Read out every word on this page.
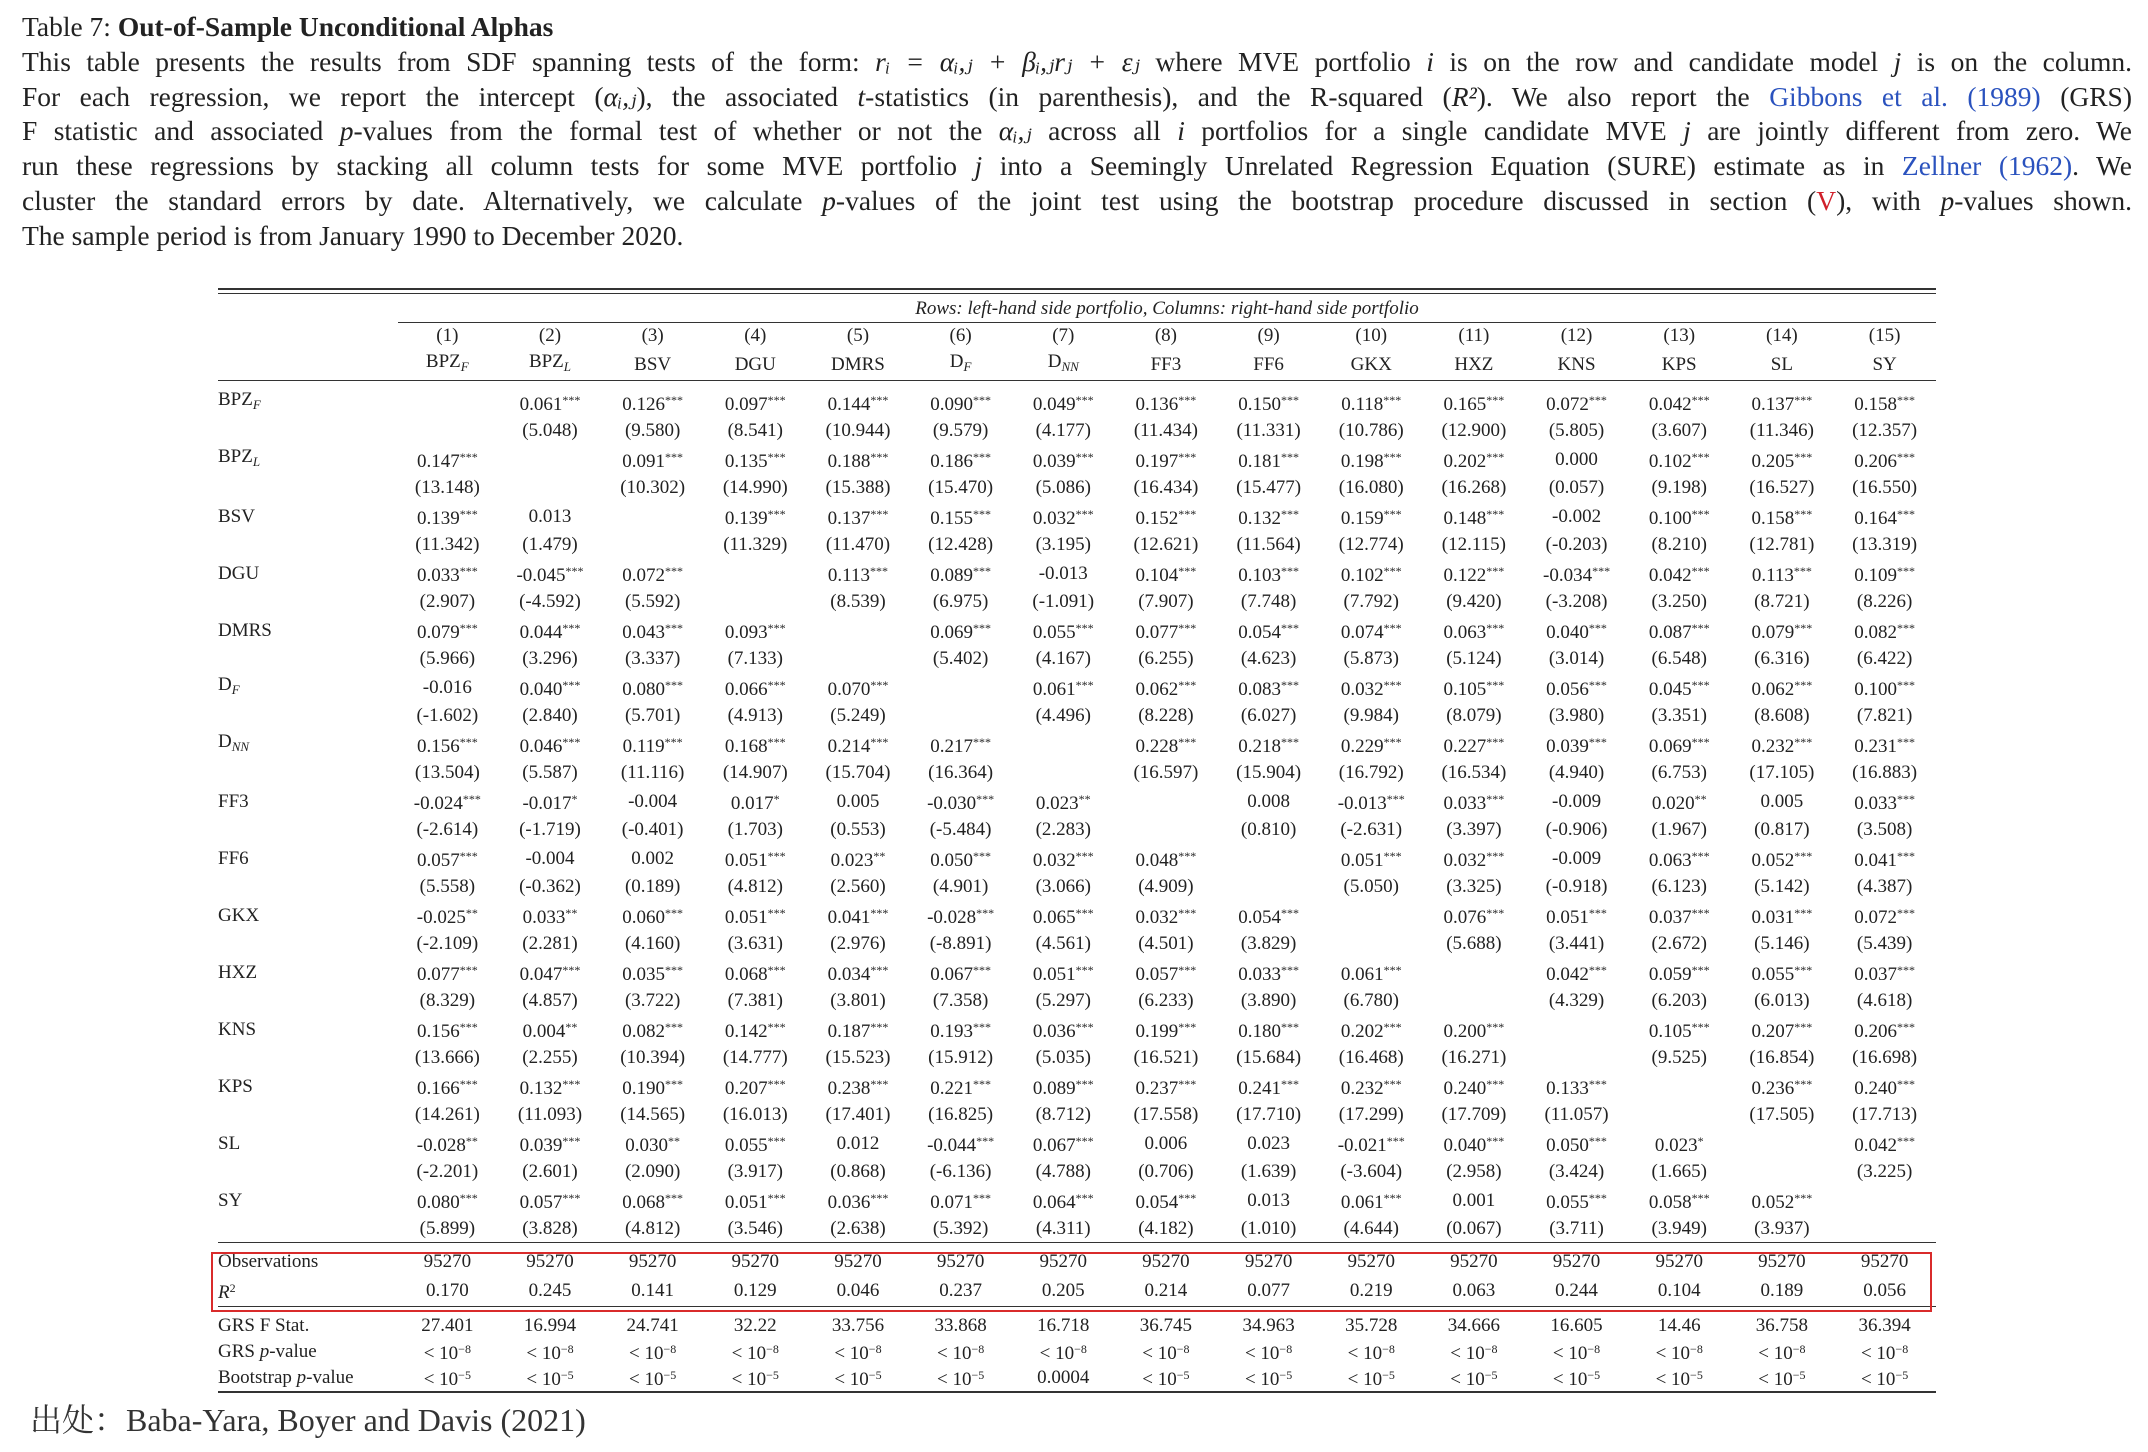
Table 7: Out-of-Sample Unconditional Alphas
This table presents the results from SDF spanning tests of the form: rᵢ = αᵢ,ⱼ + βᵢ,ⱼrⱼ + εⱼ where MVE portfolio i is on the row and candidate model j is on the column.
For each regression, we report the intercept (αᵢ,ⱼ), the associated t-statistics (in parenthesis), and the R-squared (R²). We also report the Gibbons et al. (1989) (GRS)
F statistic and associated p-values from the formal test of whether or not the αᵢ,ⱼ across all i portfolios for a single candidate MVE j are jointly different from zero. We
run these regressions by stacking all column tests for some MVE portfolio j into a Seemingly Unrelated Regression Equation (SURE) estimate as in Zellner (1962). We
cluster the standard errors by date. Alternatively, we calculate p-values of the joint test using the bootstrap procedure discussed in section (V), with p-values shown.
The sample period is from January 1990 to December 2020.
Rows: left-hand side portfolio, Columns: right-hand side portfolio
	(1)	(2)	(3)	(4)	(5)	(6)	(7)	(8)	(9)	(10)	(11)	(12)	(13)	(14)	(15)
	$BPZ_F$	$BPZ_L$	BSV	DGU	DMRS	$D_F$	$D_{NN}$	FF3	FF6	GKX	HXZ	KNS	KPS	SL	SY
$BPZ_F$		0.061***	0.126***	0.097***	0.144***	0.090***	0.049***	0.136***	0.150***	0.118***	0.165***	0.072***	0.042***	0.137***	0.158***
		(5.048)	(9.580)	(8.541)	(10.944)	(9.579)	(4.177)	(11.434)	(11.331)	(10.786)	(12.900)	(5.805)	(3.607)	(11.346)	(12.357)
$BPZ_L$	0.147***		0.091***	0.135***	0.188***	0.186***	0.039***	0.197***	0.181***	0.198***	0.202***	0.000	0.102***	0.205***	0.206***
	(13.148)		(10.302)	(14.990)	(15.388)	(15.470)	(5.086)	(16.434)	(15.477)	(16.080)	(16.268)	(0.057)	(9.198)	(16.527)	(16.550)
BSV	0.139***	0.013		0.139***	0.137***	0.155***	0.032***	0.152***	0.132***	0.159***	0.148***	-0.002	0.100***	0.158***	0.164***
	(11.342)	(1.479)		(11.329)	(11.470)	(12.428)	(3.195)	(12.621)	(11.564)	(12.774)	(12.115)	(-0.203)	(8.210)	(12.781)	(13.319)
DGU	0.033***	-0.045***	0.072***		0.113***	0.089***	-0.013	0.104***	0.103***	0.102***	0.122***	-0.034***	0.042***	0.113***	0.109***
	(2.907)	(-4.592)	(5.592)		(8.539)	(6.975)	(-1.091)	(7.907)	(7.748)	(7.792)	(9.420)	(-3.208)	(3.250)	(8.721)	(8.226)
DMRS	0.079***	0.044***	0.043***	0.093***		0.069***	0.055***	0.077***	0.054***	0.074***	0.063***	0.040***	0.087***	0.079***	0.082***
	(5.966)	(3.296)	(3.337)	(7.133)		(5.402)	(4.167)	(6.255)	(4.623)	(5.873)	(5.124)	(3.014)	(6.548)	(6.316)	(6.422)
$D_F$	-0.016	0.040***	0.080***	0.066***	0.070***		0.061***	0.062***	0.083***	0.032***	0.105***	0.056***	0.045***	0.062***	0.100***
	(-1.602)	(2.840)	(5.701)	(4.913)	(5.249)		(4.496)	(8.228)	(6.027)	(9.984)	(8.079)	(3.980)	(3.351)	(8.608)	(7.821)
$D_{NN}$	0.156***	0.046***	0.119***	0.168***	0.214***	0.217***		0.228***	0.218***	0.229***	0.227***	0.039***	0.069***	0.232***	0.231***
	(13.504)	(5.587)	(11.116)	(14.907)	(15.704)	(16.364)		(16.597)	(15.904)	(16.792)	(16.534)	(4.940)	(6.753)	(17.105)	(16.883)
FF3	-0.024***	-0.017*	-0.004	0.017*	0.005	-0.030***	0.023**		0.008	-0.013***	0.033***	-0.009	0.020**	0.005	0.033***
	(-2.614)	(-1.719)	(-0.401)	(1.703)	(0.553)	(-5.484)	(2.283)		(0.810)	(-2.631)	(3.397)	(-0.906)	(1.967)	(0.817)	(3.508)
FF6	0.057***	-0.004	0.002	0.051***	0.023**	0.050***	0.032***	0.048***		0.051***	0.032***	-0.009	0.063***	0.052***	0.041***
	(5.558)	(-0.362)	(0.189)	(4.812)	(2.560)	(4.901)	(3.066)	(4.909)		(5.050)	(3.325)	(-0.918)	(6.123)	(5.142)	(4.387)
GKX	-0.025**	0.033**	0.060***	0.051***	0.041***	-0.028***	0.065***	0.032***	0.054***		0.076***	0.051***	0.037***	0.031***	0.072***
	(-2.109)	(2.281)	(4.160)	(3.631)	(2.976)	(-8.891)	(4.561)	(4.501)	(3.829)		(5.688)	(3.441)	(2.672)	(5.146)	(5.439)
HXZ	0.077***	0.047***	0.035***	0.068***	0.034***	0.067***	0.051***	0.057***	0.033***	0.061***		0.042***	0.059***	0.055***	0.037***
	(8.329)	(4.857)	(3.722)	(7.381)	(3.801)	(7.358)	(5.297)	(6.233)	(3.890)	(6.780)		(4.329)	(6.203)	(6.013)	(4.618)
KNS	0.156***	0.004**	0.082***	0.142***	0.187***	0.193***	0.036***	0.199***	0.180***	0.202***	0.200***		0.105***	0.207***	0.206***
	(13.666)	(2.255)	(10.394)	(14.777)	(15.523)	(15.912)	(5.035)	(16.521)	(15.684)	(16.468)	(16.271)		(9.525)	(16.854)	(16.698)
KPS	0.166***	0.132***	0.190***	0.207***	0.238***	0.221***	0.089***	0.237***	0.241***	0.232***	0.240***	0.133***		0.236***	0.240***
	(14.261)	(11.093)	(14.565)	(16.013)	(17.401)	(16.825)	(8.712)	(17.558)	(17.710)	(17.299)	(17.709)	(11.057)		(17.505)	(17.713)
SL	-0.028**	0.039***	0.030**	0.055***	0.012	-0.044***	0.067***	0.006	0.023	-0.021***	0.040***	0.050***	0.023*		0.042***
	(-2.201)	(2.601)	(2.090)	(3.917)	(0.868)	(-6.136)	(4.788)	(0.706)	(1.639)	(-3.604)	(2.958)	(3.424)	(1.665)		(3.225)
SY	0.080***	0.057***	0.068***	0.051***	0.036***	0.071***	0.064***	0.054***	0.013	0.061***	0.001	0.055***	0.058***	0.052***	
	(5.899)	(3.828)	(4.812)	(3.546)	(2.638)	(5.392)	(4.311)	(4.182)	(1.010)	(4.644)	(0.067)	(3.711)	(3.949)	(3.937)	
Observations	95270	95270	95270	95270	95270	95270	95270	95270	95270	95270	95270	95270	95270	95270	95270
$R^2$	0.170	0.245	0.141	0.129	0.046	0.237	0.205	0.214	0.077	0.219	0.063	0.244	0.104	0.189	0.056
GRS F Stat.	27.401	16.994	24.741	32.22	33.756	33.868	16.718	36.745	34.963	35.728	34.666	16.605	14.46	36.758	36.394
GRS p-value	< $10^{-8}$	< $10^{-8}$	< $10^{-8}$	< $10^{-8}$	< $10^{-8}$	< $10^{-8}$	< $10^{-8}$	< $10^{-8}$	< $10^{-8}$	< $10^{-8}$	< $10^{-8}$	< $10^{-8}$	< $10^{-8}$	< $10^{-8}$	< $10^{-8}$
Bootstrap p-value	< $10^{-5}$	< $10^{-5}$	< $10^{-5}$	< $10^{-5}$	< $10^{-5}$	< $10^{-5}$	0.0004	< $10^{-5}$	< $10^{-5}$	< $10^{-5}$	< $10^{-5}$	< $10^{-5}$	< $10^{-5}$	< $10^{-5}$	< $10^{-5}$
出处：Baba-Yara, Boyer and Davis (2021)
